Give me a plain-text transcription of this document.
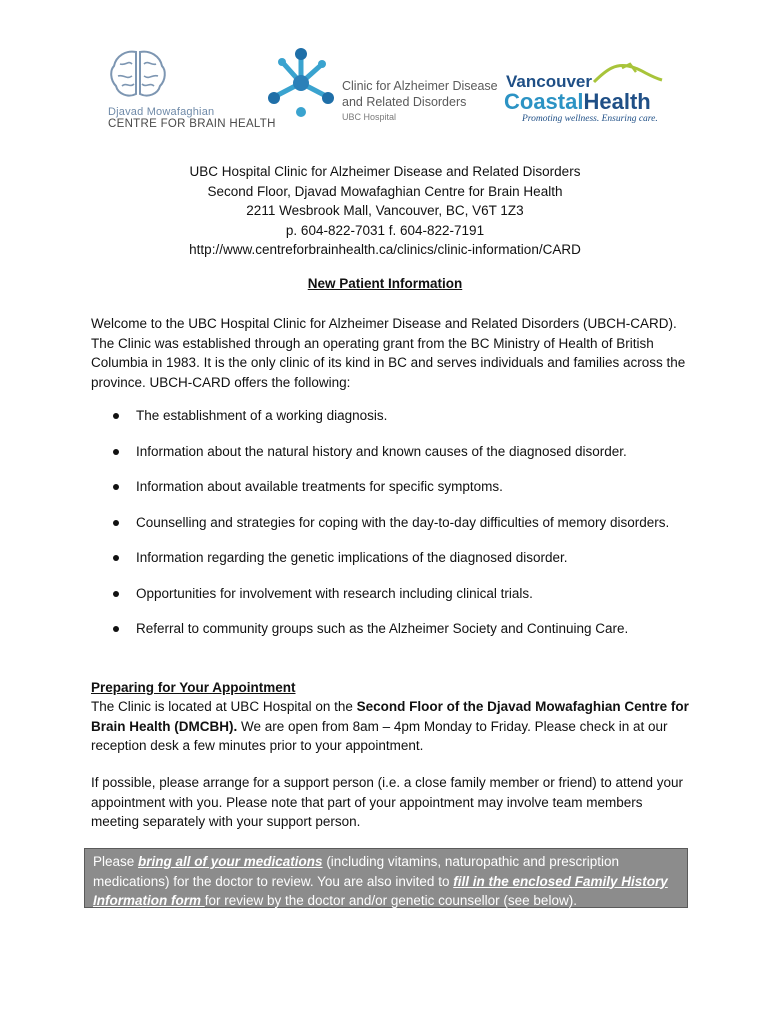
Djavad Mowafaghian
CENTRE FOR BRAIN HEALTH
Clinic for Alzheimer Disease
and Related Disorders
UBC Hospital
Vancouver
CoastalHealth
Promoting wellness. Ensuring care.
UBC Hospital Clinic for Alzheimer Disease and Related Disorders
Second Floor, Djavad Mowafaghian Centre for Brain Health
2211 Wesbrook Mall, Vancouver, BC, V6T 1Z3
p. 604-822-7031 f. 604-822-7191
http://www.centreforbrainhealth.ca/clinics/clinic-information/CARD
New Patient Information
Welcome to the UBC Hospital Clinic for Alzheimer Disease and Related Disorders (UBCH-CARD). The Clinic was established through an operating grant from the BC Ministry of Health of British Columbia in 1983. It is the only clinic of its kind in BC and serves individuals and families across the province. UBCH-CARD offers the following:
The establishment of a working diagnosis.
Information about the natural history and known causes of the diagnosed disorder.
Information about available treatments for specific symptoms.
Counselling and strategies for coping with the day-to-day difficulties of memory disorders.
Information regarding the genetic implications of the diagnosed disorder.
Opportunities for involvement with research including clinical trials.
Referral to community groups such as the Alzheimer Society and Continuing Care.
Preparing for Your Appointment
The Clinic is located at UBC Hospital on the Second Floor of the Djavad Mowafaghian Centre for Brain Health (DMCBH). We are open from 8am – 4pm Monday to Friday. Please check in at our reception desk a few minutes prior to your appointment.
If possible, please arrange for a support person (i.e. a close family member or friend) to attend your appointment with you. Please note that part of your appointment may involve team members meeting separately with your support person.
Please bring all of your medications (including vitamins, naturopathic and prescription medications) for the doctor to review. You are also invited to fill in the enclosed Family History Information form for review by the doctor and/or genetic counsellor (see below).
